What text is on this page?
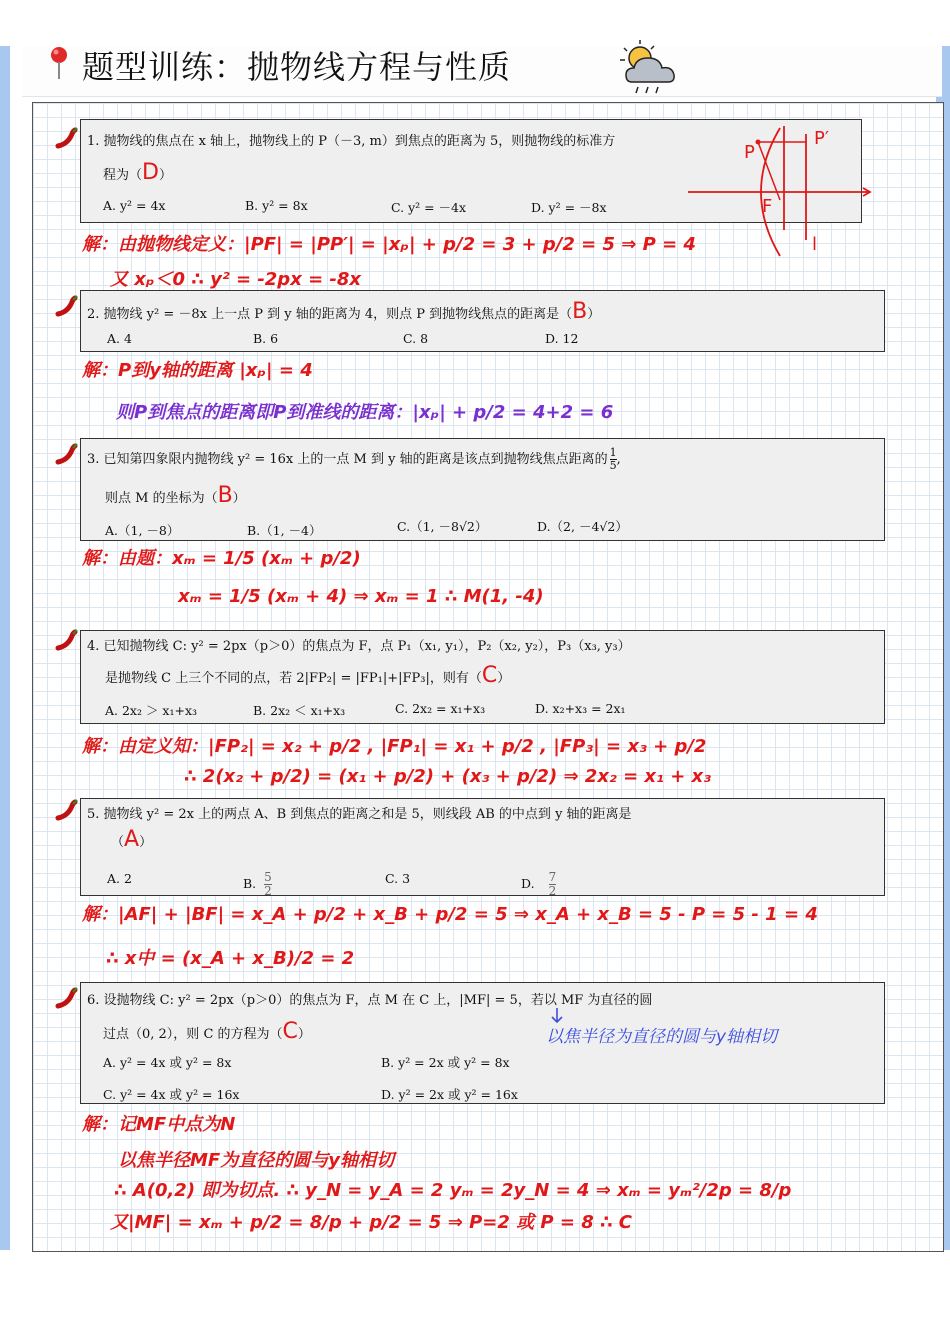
题型训练：抛物线方程与性质
1. 抛物线的焦点在 x 轴上，抛物线上的 P（－3, m）到焦点的距离为 5，则抛物线的标准方
程为（D）
A. y² = 4x	B. y² = 8x	C. y² = －4x	D. y² = －8x
P
P′
F
l
解：由抛物线定义：|PF| = |PP′| = |xₚ| + p/2 = 3 + p/2 = 5 ⇒ P = 4
又 xₚ＜0 ∴ y² = -2px = -8x
2. 抛物线 y² = －8x 上一点 P 到 y 轴的距离为 4，则点 P 到抛物线焦点的距离是（B）
A. 4	B. 6	C. 8	D. 12
解：P到y轴的距离 |xₚ| = 4
则P到焦点的距离即P到准线的距离：|xₚ| + p/2 = 4+2 = 6
3. 已知第四象限内抛物线 y² = 16x 上的一点 M 到 y 轴的距离是该点到抛物线焦点距离的 $\frac{1}{5}$ ,
则点 M 的坐标为（B）
A.（1, －8）	B.（1, －4）	C.（1, －8√2）	D.（2, －4√2）
解：由题：xₘ = 1/5 (xₘ + p/2)
xₘ = 1/5 (xₘ + 4) ⇒ xₘ = 1 ∴ M(1, -4)
4. 已知抛物线 C: y² = 2px（p＞0）的焦点为 F，点 P₁（x₁, y₁），P₂（x₂, y₂），P₃（x₃, y₃）
是抛物线 C 上三个不同的点，若 2|FP₂| = |FP₁|+|FP₃|，则有（C）
A. 2x₂ ＞ x₁+x₃	B. 2x₂ ＜ x₁+x₃	C. 2x₂ = x₁+x₃	D. x₂+x₃ = 2x₁
解：由定义知：|FP₂| = x₂ + p/2 , |FP₁| = x₁ + p/2 , |FP₃| = x₃ + p/2
∴ 2(x₂ + p/2) = (x₁ + p/2) + (x₃ + p/2) ⇒ 2x₂ = x₁ + x₃
5. 抛物线 y² = 2x 上的两点 A、B 到焦点的距离之和是 5，则线段 AB 的中点到 y 轴的距离是
（A）
A. 2	B. $\frac{5}{2}$	C. 3	D. $\frac{7}{2}$
解：|AF| + |BF| = x_A + p/2 + x_B + p/2 = 5 ⇒ x_A + x_B = 5 - P = 5 - 1 = 4
∴ x中 = (x_A + x_B)/2 = 2
6. 设抛物线 C: y² = 2px（p＞0）的焦点为 F，点 M 在 C 上，|MF| = 5，若以 MF 为直径的圆
过点（0, 2），则 C 的方程为（C）
A. y² = 4x 或 y² = 8x	B. y² = 2x 或 y² = 8x
C. y² = 4x 或 y² = 16x	D. y² = 2x 或 y² = 16x
以焦半径为直径的圆与y轴相切
解：记MF中点为N
以焦半径MF为直径的圆与y轴相切
∴ A(0,2) 即为切点. ∴ y_N = y_A = 2 yₘ = 2y_N = 4 ⇒ xₘ = yₘ²/2p = 8/p
又|MF| = xₘ + p/2 = 8/p + p/2 = 5 ⇒ P=2 或 P = 8 ∴ C
